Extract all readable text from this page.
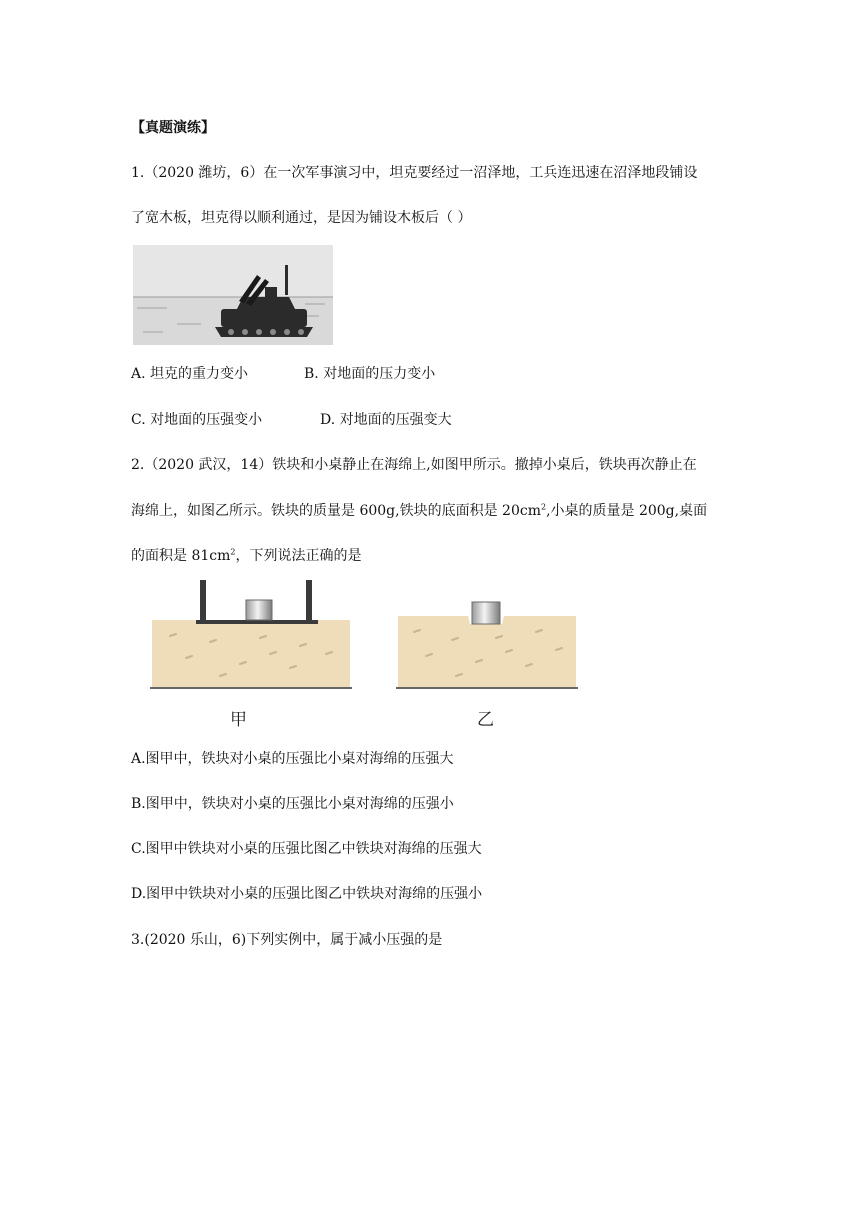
【真题演练】
1.（2020 潍坊，6）在一次军事演习中，坦克要经过一沼泽地，工兵连迅速在沼泽地段铺设
了宽木板，坦克得以顺利通过，是因为铺设木板后（ ）
A. 坦克的重力变小	B. 对地面的压力变小
C. 对地面的压强变小	D. 对地面的压强变大
2.（2020 武汉，14）铁块和小桌静止在海绵上,如图甲所示。撤掉小桌后，铁块再次静止在
海绵上，如图乙所示。铁块的质量是 600g,铁块的底面积是 $20cm^2$,小桌的质量是 200g,桌面
的面积是 $81cm^2$，下列说法正确的是
甲	乙
A.图甲中，铁块对小桌的压强比小桌对海绵的压强大
B.图甲中，铁块对小桌的压强比小桌对海绵的压强小
C.图甲中铁块对小桌的压强比图乙中铁块对海绵的压强大
D.图甲中铁块对小桌的压强比图乙中铁块对海绵的压强小
3.(2020 乐山，6)下列实例中，属于减小压强的是
